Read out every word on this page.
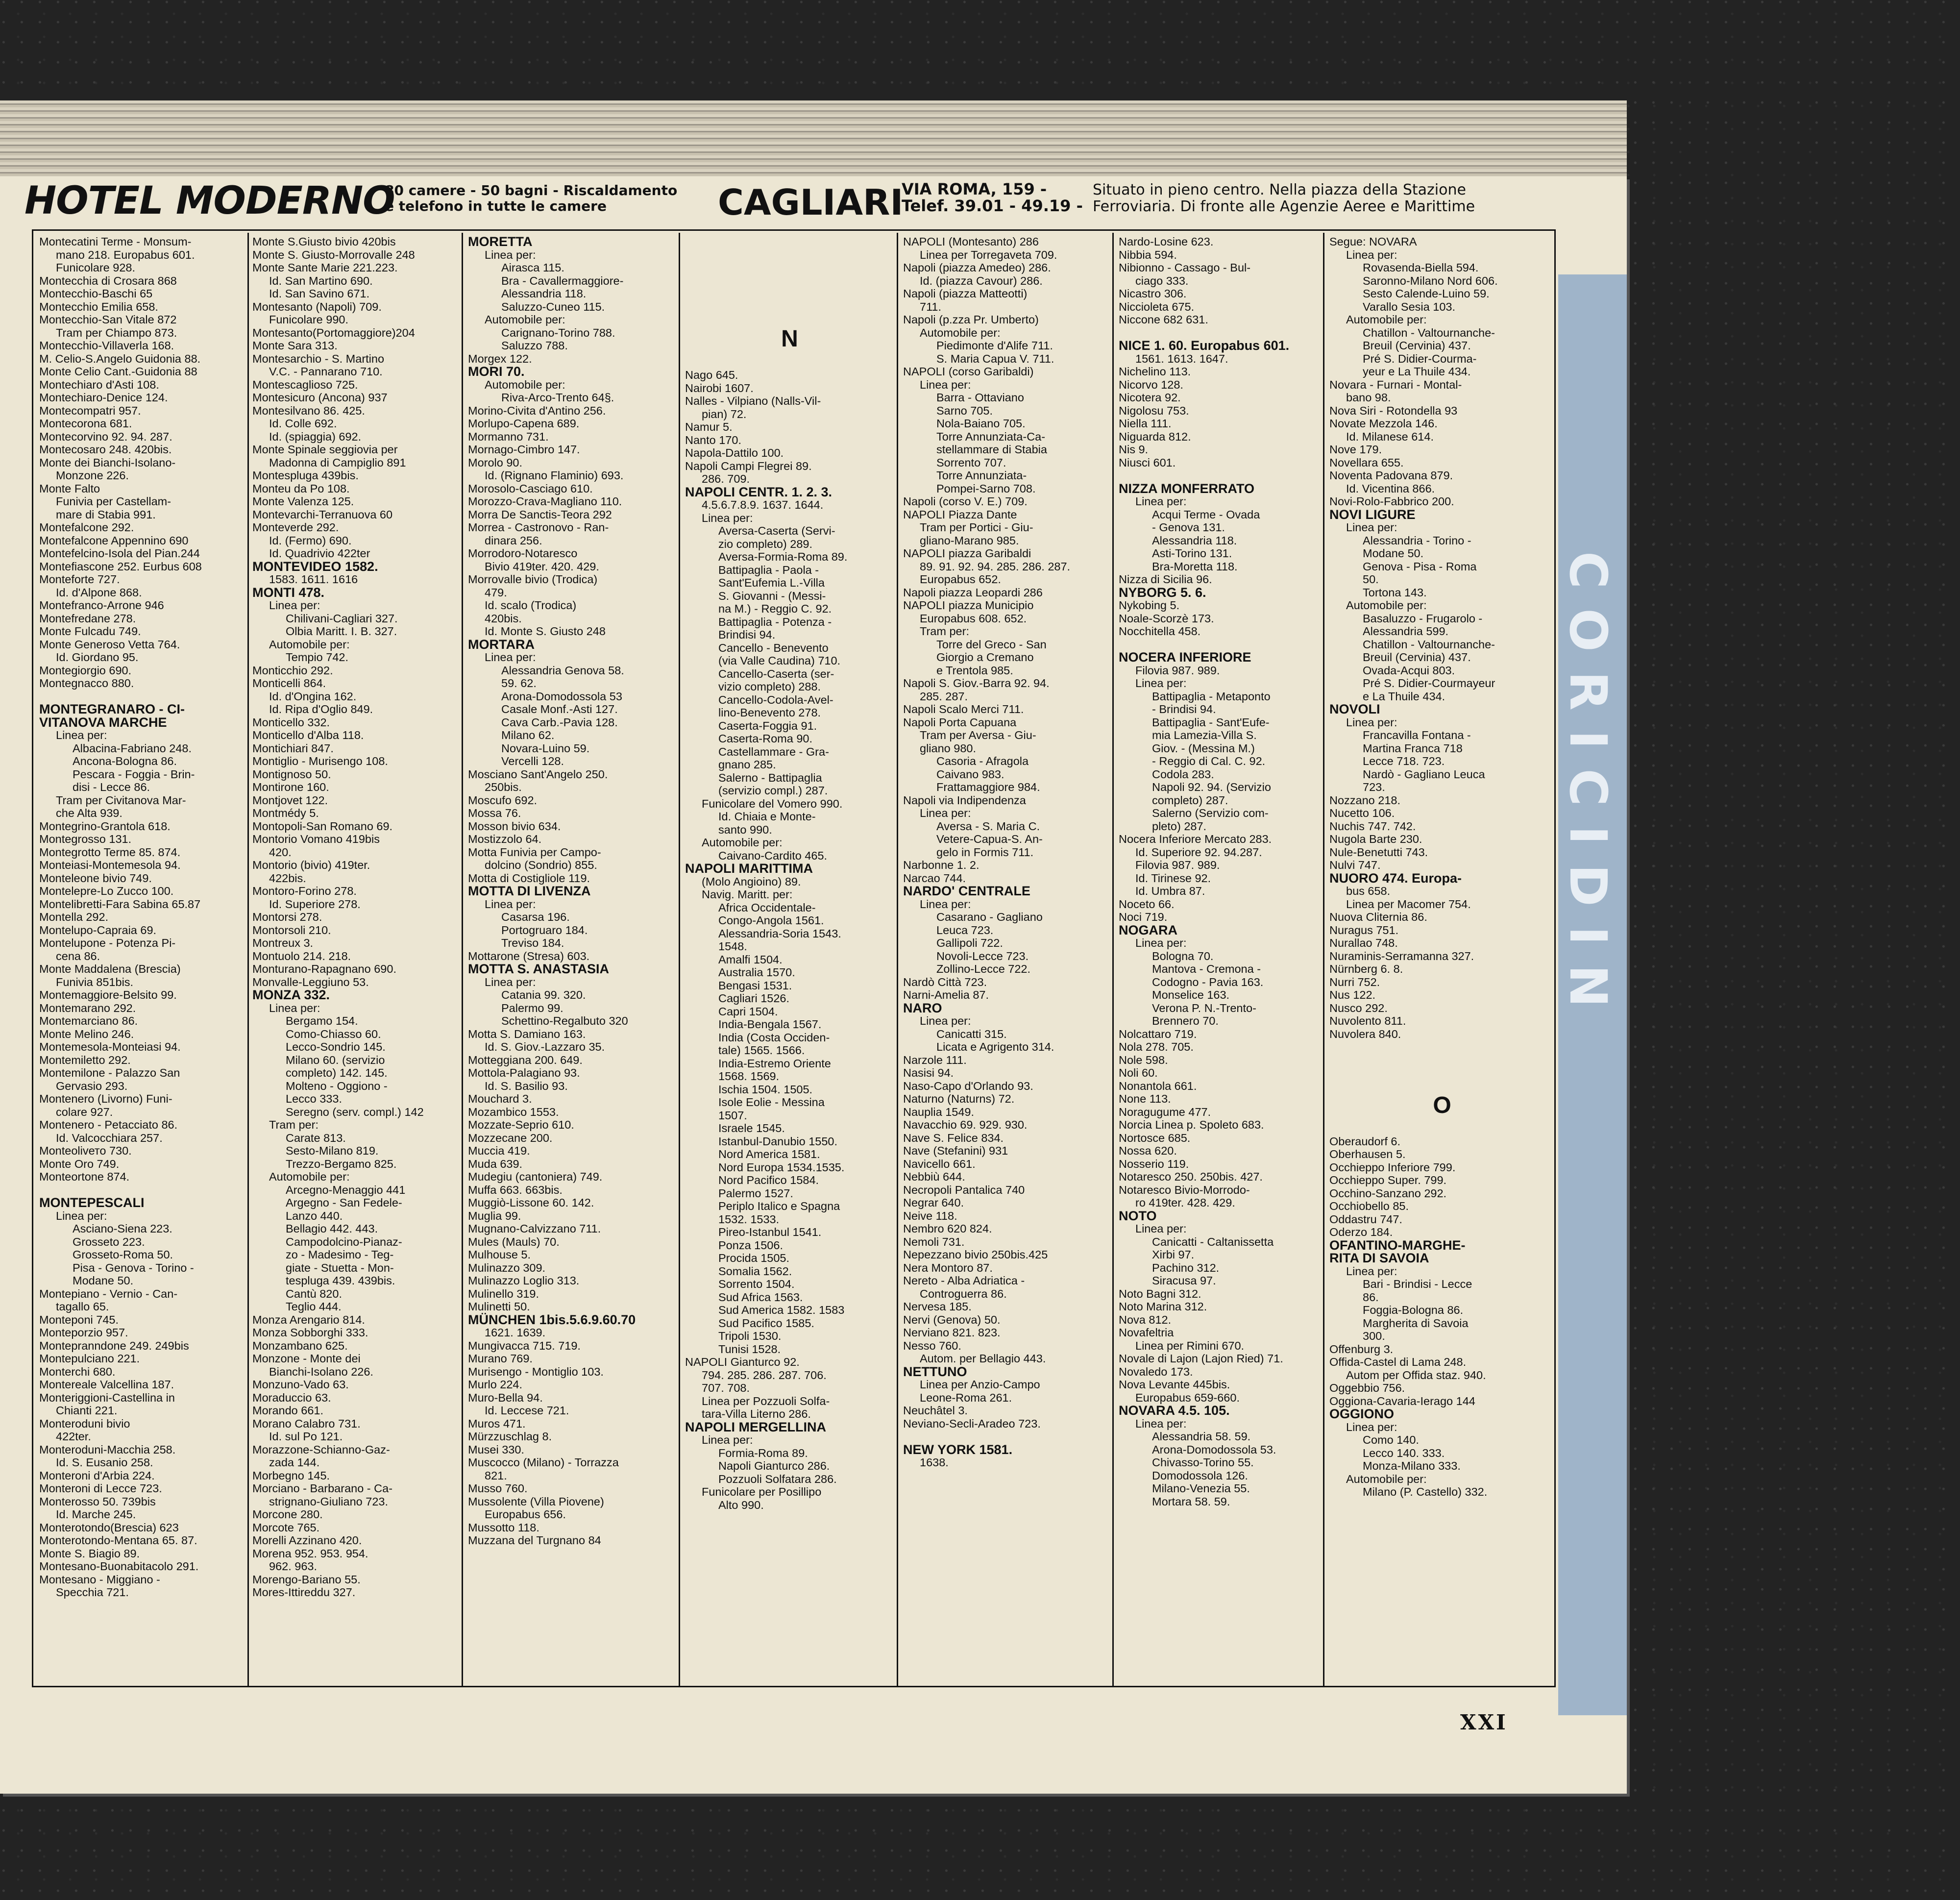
CORICIDIN
HOTEL MODERNO
80 camere - 50 bagni - Riscaldamento
e telefono in tutte le camere	CAGLIARI
VIA ROMA, 159 -
Telef. 39.01 - 49.19 -
Situato in pieno centro. Nella piazza della Stazione
Ferroviaria. Di fronte alle Agenzie Aeree e Marittime
Montecatini Terme - Monsum-
mano 218. Europabus 601.
Funicolare 928.
Montecchia di Crosara 868
Montecchio-Baschi 65
Montecchio Emilia 658.
Montecchio-San Vitale 872
Tram per Chiampo 873.
Montecchio-Villaverla 168.
M. Celio-S.Angelo Guidonia 88.
Monte Celio Cant.-Guidonia 88
Montechiaro d'Asti 108.
Montechiaro-Denice 124.
Montecompatri 957.
Montecorona 681.
Montecorvino 92. 94. 287.
Montecosaro 248. 420bis.
Monte dei Bianchi-Isolano-
Monzone 226.
Monte Falto
Funivia per Castellam-
mare di Stabia 991.
Montefalcone 292.
Montefalcone Appennino 690
Montefelcino-Isola del Pian.244
Montefiascone 252. Eurbus 608
Monteforte 727.
Id. d'Alpone 868.
Montefranco-Arrone 946
Montefredane 278.
Monte Fulcadu 749.
Monte Generoso Vetta 764.
Id. Giordano 95.
Montegiorgio 690.
Montegnacco 880.

MONTEGRANARO - CI-
VITANOVA MARCHE
Linea per:
Albacina-Fabriano 248.
Ancona-Bologna 86.
Pescara - Foggia - Brin-
disi - Lecce 86.
Tram per Civitanova Mar-
che Alta 939.
Montegrino-Grantola 618.
Montegrosso 131.
Montegrotto Terme 85. 874.
Monteiasi-Montemesola 94.
Monteleone bivio 749.
Montelepre-Lo Zucco 100.
Montelibretti-Fara Sabina 65.87
Montella 292.
Montelupo-Capraia 69.
Montelupone - Potenza Pi-
cena 86.
Monte Maddalena (Brescia)
Funivia 851bis.
Montemaggiore-Belsito 99.
Montemarano 292.
Montemarciano 86.
Monte Melino 246.
Montemesola-Monteiasi 94.
Montemiletto 292.
Montemilone - Palazzo San
Gervasio 293.
Montenero (Livorno) Funi-
colare 927.
Montenero - Petacciato 86.
Id. Valcocchiara 257.
Monteolivето 730.
Monte Oro 749.
Monteortone 874.

MONTEPESCALI
Linea per:
Asciano-Siena 223.
Grosseto 223.
Grosseto-Roma 50.
Pisa - Genova - Torino -
Modane 50.
Montepiano - Vernio - Can-
tagallo 65.
Monteponi 745.
Monteporzio 957.
Montepranndone 249. 249bis
Montepulciano 221.
Monterchi 680.
Montereale Valcellina 187.
Monteriggioni-Castellina in
Chianti 221.
Monteroduni bivio
422ter.
Monteroduni-Macchia 258.
Id. S. Eusanio 258.
Monteroni d'Arbia 224.
Monteroni di Lecce 723.
Monterosso 50. 739bis
Id. Marche 245.
Monterotondo(Brescia) 623
Monterotondo-Mentana 65. 87.
Monte S. Biagio 89.
Montesano-Buonabitacolo 291.
Montesano - Miggiano -
Specchia 721.
Monte S.Giusto bivio 420bis
Monte S. Giusto-Morrovalle 248
Monte Sante Marie 221.223.
Id. San Martino 690.
Id. San Savino 671.
Montesanto (Napoli) 709.
Funicolare 990.
Montesanto(Portomaggiore)204
Monte Sara 313.
Montesarchio - S. Martino
V.C. - Pannarano 710.
Montescaglioso 725.
Montesicuro (Ancona) 937
Montesilvano 86. 425.
Id. Colle 692.
Id. (spiaggia) 692.
Monte Spinale seggiovia per
Madonna di Campiglio 891
Montespluga 439bis.
Monteu da Po 108.
Monte Valenza 125.
Montevarchi-Terranuova 60
Monteverde 292.
Id. (Fermo) 690.
Id. Quadrivio 422ter
MONTEVIDEO 1582.
1583. 1611. 1616
MONTI 478.
Linea per:
Chilivani-Cagliari 327.
Olbia Maritt. I. B. 327.
Automobile per:
Tempio 742.
Monticchio 292.
Monticelli 864.
Id. d'Ongina 162.
Id. Ripa d'Oglio 849.
Monticello 332.
Monticello d'Alba 118.
Montichiari 847.
Montiglio - Murisengo 108.
Montignoso 50.
Montirone 160.
Montjovet 122.
Montmédy 5.
Montopoli-San Romano 69.
Montorio Vomano 419bis
420.
Montorio (bivio) 419ter.
422bis.
Montoro-Forino 278.
Id. Superiore 278.
Montorsi 278.
Montorsoli 210.
Montreux 3.
Montuolo 214. 218.
Monturano-Rapagnano 690.
Monvalle-Leggiuno 53.
MONZA 332.
Linea per:
Bergamo 154.
Como-Chiasso 60.
Lecco-Sondrio 145.
Milano 60. (servizio
completo) 142. 145.
Molteno - Oggiono -
Lecco 333.
Seregno (serv. compl.) 142
Tram per:
Carate 813.
Sesto-Milano 819.
Trezzo-Bergamo 825.
Automobile per:
Arcegno-Menaggio 441
Argegno - San Fedele-
Lanzo 440.
Bellagio 442. 443.
Campodolcino-Pianaz-
zo - Madesimo - Teg-
giate - Stuetta - Mon-
tespluga 439. 439bis.
Cantù 820.
Teglio 444.
Monza Arengario 814.
Monza Sobborghi 333.
Monzambano 625.
Monzone - Monte dei
Bianchi-Isolano 226.
Monzuno-Vado 63.
Moraduccio 63.
Morando 661.
Morano Calabro 731.
Id. sul Po 121.
Morazzone-Schianno-Gaz-
zada 144.
Morbegno 145.
Morciano - Barbarano - Ca-
strignano-Giuliano 723.
Morcone 280.
Morcote 765.
Morelli Azzinano 420.
Morena 952. 953. 954.
962. 963.
Morengo-Bariano 55.
Mores-Ittireddu 327.
MORETTA
Linea per:
Airasca 115.
Bra - Cavallermaggiore-
Alessandria 118.
Saluzzo-Cuneo 115.
Automobile per:
Carignano-Torino 788.
Saluzzo 788.
Morgex 122.
MORI 70.
Automobile per:
Riva-Arco-Trento 64§.
Morino-Civita d'Antino 256.
Morlupo-Capena 689.
Mormanno 731.
Mornago-Cimbro 147.
Morolo 90.
Id. (Rignano Flaminio) 693.
Morosolo-Casciago 610.
Morozzo-Crava-Magliano 110.
Morra De Sanctis-Teora 292
Morrea - Castronovo - Ran-
dinara 256.
Morrodoro-Notaresco
Bivio 419ter. 420. 429.
Morrovalle bivio (Trodica)
479.
Id. scalo (Trodica)
420bis.
Id. Monte S. Giusto 248
MORTARA
Linea per:
Alessandria Genova 58.
59. 62.
Arona-Domodossola 53
Casale Monf.-Asti 127.
Cava Carb.-Pavia 128.
Milano 62.
Novara-Luino 59.
Vercelli 128.
Mosciano Sant'Angelo 250.
250bis.
Moscufo 692.
Mossa 76.
Mosson bivio 634.
Mostizzolo 64.
Motta Funivia per Campo-
dolcino (Sondrio) 855.
Motta di Costigliole 119.
MOTTA DI LIVENZA
Linea per:
Casarsa 196.
Portogruaro 184.
Treviso 184.
Mottarone (Stresa) 603.
MOTTA S. ANASTASIA
Linea per:
Catania 99. 320.
Palermo 99.
Schettino-Regalbuto 320
Motta S. Damiano 163.
Id. S. Giov.-Lazzaro 35.
Motteggiana 200. 649.
Mottola-Palagiano 93.
Id. S. Basilio 93.
Mouchard 3.
Mozambico 1553.
Mozzate-Seprio 610.
Mozzecane 200.
Muccia 419.
Muda 639.
Mudegiu (cantoniera) 749.
Muffa 663. 663bis.
Muggiò-Lissone 60. 142.
Muglia 99.
Mugnano-Calvizzano 711.
Mules (Mauls) 70.
Mulhouse 5.
Mulinazzo 309.
Mulinazzo Loglio 313.
Mulinello 319.
Mulinetti 50.
MÜNCHEN 1bis.5.6.9.60.70
1621. 1639.
Mungivacca 715. 719.
Murano 769.
Murisengo - Montiglio 103.
Murlo 224.
Muro-Bella 94.
Id. Leccese 721.
Muros 471.
Mürzzuschlag 8.
Musei 330.
Muscocco (Milano) - Torrazza
821.
Musso 760.
Mussolente (Villa Piovene)
Europabus 656.
Mussotto 118.
Muzzana del Turgnano 84

N

Nago 645.
Nairobi 1607.
Nalles - Vilpiano (Nalls-Vil-
pian) 72.
Namur 5.
Nanto 170.
Napola-Dattilo 100.
Napoli Campi Flegrei 89.
286. 709.
NAPOLI CENTR. 1. 2. 3.
4.5.6.7.8.9. 1637. 1644.
Linea per:
Aversa-Caserta (Servi-
zio completo) 289.
Aversa-Formia-Roma 89.
Battipaglia - Paola -
Sant'Eufemia L.-Villa
S. Giovanni - (Messi-
na M.) - Reggio C. 92.
Battipaglia - Potenza -
Brindisi 94.
Cancello - Benevento
(via Valle Caudina) 710.
Cancello-Caserta (ser-
vizio completo) 288.
Cancello-Codola-Avel-
lino-Benevento 278.
Caserta-Foggia 91.
Caserta-Roma 90.
Castellammare - Gra-
gnano 285.
Salerno - Battipaglia
(servizio compl.) 287.
Funicolare del Vomero 990.
Id. Chiaia e Monte-
santo 990.
Automobile per:
Caivano-Cardito 465.
NAPOLI MARITTIMA
(Molo Angioino) 89.
Navig. Maritt. per:
Africa Occidentale-
Congo-Angola 1561.
Alessandria-Soria 1543.
1548.
Amalfi 1504.
Australia 1570.
Bengasi 1531.
Cagliari 1526.
Capri 1504.
India-Bengala 1567.
India (Costa Occiden-
tale) 1565. 1566.
India-Estremo Oriente
1568. 1569.
Ischia 1504. 1505.
Isole Eolie - Messina
1507.
Israele 1545.
Istanbul-Danubio 1550.
Nord America 1581.
Nord Europa 1534.1535.
Nord Pacifico 1584.
Palermo 1527.
Periplo Italico e Spagna
1532. 1533.
Pireo-Istanbul 1541.
Ponza 1506.
Procida 1505.
Somalia 1562.
Sorrento 1504.
Sud Africa 1563.
Sud America 1582. 1583
Sud Pacifico 1585.
Tripoli 1530.
Tunisi 1528.
NAPOLI Gianturco 92.
794. 285. 286. 287. 706.
707. 708.
Linea per Pozzuoli Solfa-
tara-Villa Literno 286.
NAPOLI MERGELLINA
Linea per:
Formia-Roma 89.
Napoli Gianturco 286.
Pozzuoli Solfatara 286.
Funicolare per Posillipo
Alto 990.
NAPOLI (Montesanto) 286
Linea per Torregaveta 709.
Napoli (piazza Amedeo) 286.
Id. (piazza Cavour) 286.
Napoli (piazza Matteotti)
711.
Napoli (p.zza Pr. Umberto)
Automobile per:
Piedimonte d'Alife 711.
S. Maria Capua V. 711.
NAPOLI (corso Garibaldi)
Linea per:
Barra - Ottaviano
Sarno 705.
Nola-Baiano 705.
Torre Annunziata-Ca-
stellammare di Stabia
Sorrento 707.
Torre Annunziata-
Pompei-Sarno 708.
Napoli (corso V. E.) 709.
NAPOLI Piazza Dante
Tram per Portici - Giu-
gliano-Marano 985.
NAPOLI piazza Garibaldi
89. 91. 92. 94. 285. 286. 287.
Europabus 652.
Napoli piazza Leopardi 286
NAPOLI piazza Municipio
Europabus 608. 652.
Tram per:
Torre del Greco - San
Giorgio a Cremano
e Trentola 985.
Napoli S. Giov.-Barra 92. 94.
285. 287.
Napoli Scalo Merci 711.
Napoli Porta Capuana
Tram per Aversa - Giu-
gliano 980.
Casoria - Afragola
Caivano 983.
Frattamaggiore 984.
Napoli via Indipendenza
Linea per:
Aversa - S. Maria C.
Vetere-Capua-S. An-
gelo in Formis 711.
Narbonne 1. 2.
Narcao 744.
NARDO' CENTRALE
Linea per:
Casarano - Gagliano
Leuca 723.
Gallipoli 722.
Novoli-Lecce 723.
Zollino-Lecce 722.
Nardò Città 723.
Narni-Amelia 87.
NARO
Linea per:
Canicatti 315.
Licata e Agrigento 314.
Narzole 111.
Nasisi 94.
Naso-Capo d'Orlando 93.
Naturno (Naturns) 72.
Nauplia 1549.
Navacchio 69. 929. 930.
Nave S. Felice 834.
Nave (Stefanini) 931
Navicello 661.
Nebbiù 644.
Necropoli Pantalica 740
Negrar 640.
Neive 118.
Nembro 620 824.
Nemoli 731.
Nepezzano bivio 250bis.425
Nera Montoro 87.
Nereto - Alba Adriatica -
Controguerra 86.
Nervesa 185.
Nervi (Genova) 50.
Nerviano 821. 823.
Nesso 760.
Autom. per Bellagio 443.
NETTUNO
Linea per Anzio-Campo
Leone-Roma 261.
Neuchâtel 3.
Neviano-Secli-Aradeo 723.

NEW YORK 1581.
1638.
Nardo-Losine 623.
Nibbia 594.
Nibionno - Cassago - Bul-
ciago 333.
Nicastro 306.
Niccioleta 675.
Niccone 682 631.

NICE 1. 60. Europabus 601.
1561. 1613. 1647.
Nichelino 113.
Nicorvo 128.
Nicotera 92.
Nigolosu 753.
Niella 111.
Niguarda 812.
Nis 9.
Niusci 601.

NIZZA MONFERRATO
Linea per:
Acqui Terme - Ovada
- Genova 131.
Alessandria 118.
Asti-Torino 131.
Bra-Moretta 118.
Nizza di Sicilia 96.
NYBORG 5. 6.
Nykobing 5.
Noale-Scorzè 173.
Nocchitella 458.

NOCERA INFERIORE
Filovia 987. 989.
Linea per:
Battipaglia - Metaponto
- Brindisi 94.
Battipaglia - Sant'Eufe-
mia Lamezia-Villa S.
Giov. - (Messina M.)
- Reggio di Cal. C. 92.
Codola 283.
Napoli 92. 94. (Servizio
completo) 287.
Salerno (Servizio com-
pleto) 287.
Nocera Inferiore Mercato 283.
Id. Superiore 92. 94.287.
Filovia 987. 989.
Id. Tirinese 92.
Id. Umbra 87.
Noceto 66.
Noci 719.
NOGARA
Linea per:
Bologna 70.
Mantova - Cremona -
Codogno - Pavia 163.
Monselice 163.
Verona P. N.-Trento-
Brennero 70.
Nolcattaro 719.
Nola 278. 705.
Nole 598.
Noli 60.
Nonantola 661.
None 113.
Noragugume 477.
Norcia Linea p. Spoleto 683.
Nortosce 685.
Nossa 620.
Nosserio 119.
Notaresco 250. 250bis. 427.
Notaresco Bivio-Morrodo-
ro 419ter. 428. 429.
NOTO
Linea per:
Canicatti - Caltanissetta
Xirbi 97.
Pachino 312.
Siracusa 97.
Noto Bagni 312.
Noto Marina 312.
Nova 812.
Novafeltria
Linea per Rimini 670.
Novale di Lajon (Lajon Ried) 71.
Novaledo 173.
Nova Levante 445bis.
Europabus 659-660.
NOVARA 4.5. 105.
Linea per:
Alessandria 58. 59.
Arona-Domodossola 53.
Chivasso-Torino 55.
Domodossola 126.
Milano-Venezia 55.
Mortara 58. 59.
Segue: NOVARA
Linea per:
Rovasenda-Biella 594.
Saronno-Milano Nord 606.
Sesto Calende-Luino 59.
Varallo Sesia 103.
Automobile per:
Chatillon - Valtournanche-
Breuil (Cervinia) 437.
Pré S. Didier-Courma-
yeur e La Thuile 434.
Novara - Furnari - Montal-
bano 98.
Nova Siri - Rotondella 93
Novate Mezzola 146.
Id. Milanese 614.
Nove 179.
Novellara 655.
Noventa Padovana 879.
Id. Vicentina 866.
Novi-Rolo-Fabbrico 200.
NOVI LIGURE
Linea per:
Alessandria - Torino -
Modane 50.
Genova - Pisa - Roma
50.
Tortona 143.
Automobile per:
Basaluzzo - Frugarolo -
Alessandria 599.
Chatillon - Valtournanche-
Breuil (Cervinia) 437.
Ovada-Acqui 803.
Pré S. Didier-Courmayeur
e La Thuile 434.
NOVOLI
Linea per:
Francavilla Fontana -
Martina Franca 718
Lecce 718. 723.
Nardò - Gagliano Leuca
723.
Nozzano 218.
Nucetto 106.
Nuchis 747. 742.
Nugola Barte 230.
Nule-Benetutti 743.
Nulvi 747.
NUORO 474. Europa-
bus 658.
Linea per Macomer 754.
Nuova Cliternia 86.
Nuragus 751.
Nurallao 748.
Nuraminis-Serramanna 327.
Nürnberg 6. 8.
Nurri 752.
Nus 122.
Nusco 292.
Nuvolento 811.
Nuvolera 840.

O

Oberaudorf 6.
Oberhausen 5.
Occhieppo Inferiore 799.
Occhieppo Super. 799.
Occhino-Sanzano 292.
Occhiobello 85.
Oddastru 747.
Oderzo 184.
OFANTINO-MARGHE-
RITA DI SAVOIA
Linea per:
Bari - Brindisi - Lecce
86.
Foggia-Bologna 86.
Margherita di Savoia
300.
Offenburg 3.
Offida-Castel di Lama 248.
Autom per Offida staz. 940.
Oggebbio 756.
Oggiona-Cavaria-Ierago 144
OGGIONO
Linea per:
Como 140.
Lecco 140. 333.
Monza-Milano 333.
Automobile per:
Milano (P. Castello) 332.
XXI
